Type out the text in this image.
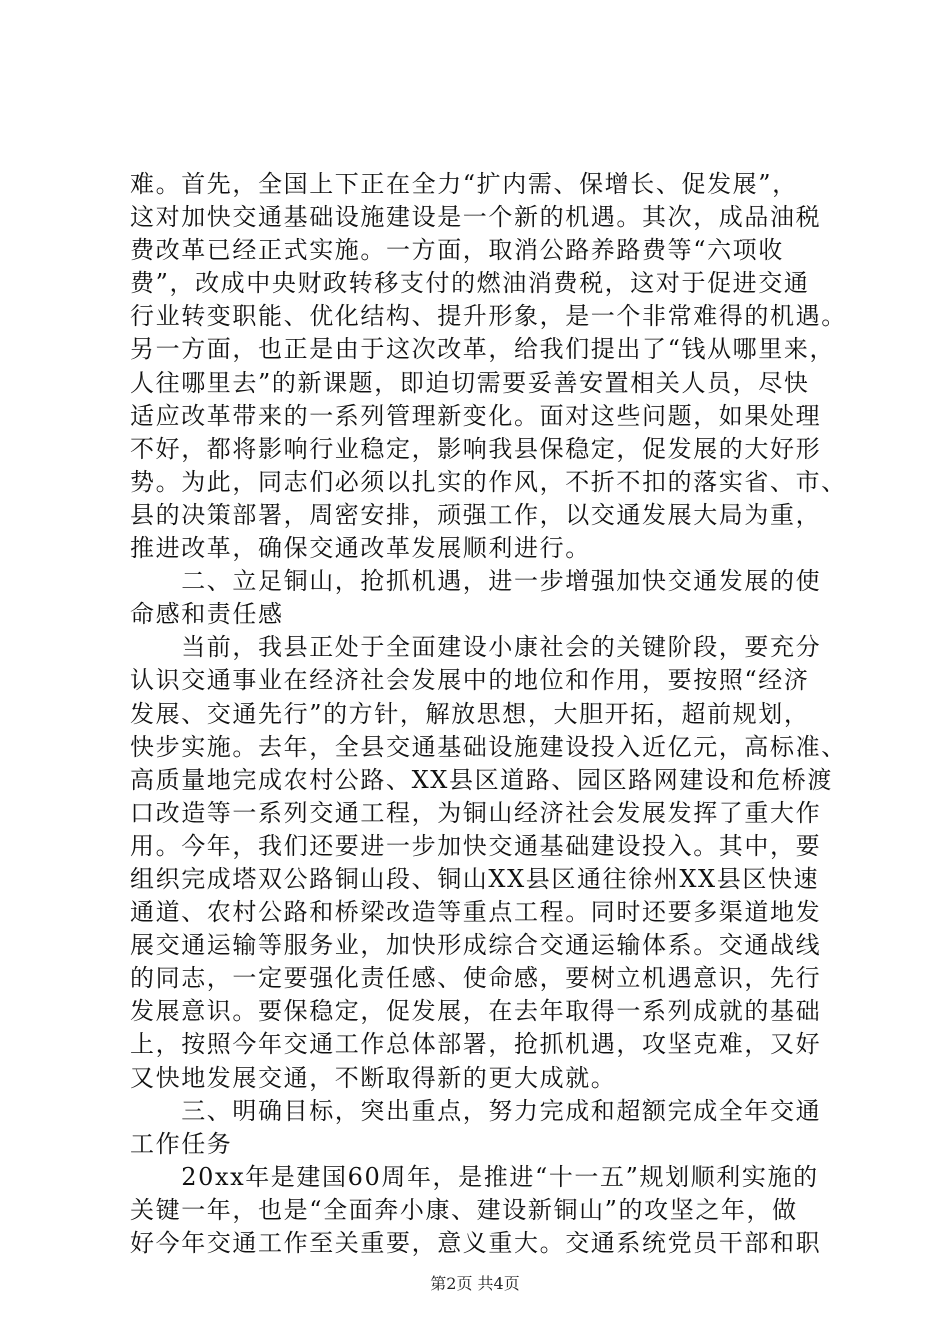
难。首先，全国上下正在全力“扩内需、保增长、促发展”，
这对加快交通基础设施建设是一个新的机遇。其次，成品油税
费改革已经正式实施。一方面，取消公路养路费等“六项收
费”，改成中央财政转移支付的燃油消费税，这对于促进交通
行业转变职能、优化结构、提升形象，是一个非常难得的机遇。
另一方面，也正是由于这次改革，给我们提出了“钱从哪里来，
人往哪里去”的新课题，即迫切需要妥善安置相关人员，尽快
适应改革带来的一系列管理新变化。面对这些问题，如果处理
不好，都将影响行业稳定，影响我县保稳定，促发展的大好形
势。为此，同志们必须以扎实的作风，不折不扣的落实省、市、
县的决策部署，周密安排，顽强工作，以交通发展大局为重，
推进改革，确保交通改革发展顺利进行。
　　二、立足铜山，抢抓机遇，进一步增强加快交通发展的使
命感和责任感
　　当前，我县正处于全面建设小康社会的关键阶段，要充分
认识交通事业在经济社会发展中的地位和作用，要按照“经济
发展、交通先行”的方针，解放思想，大胆开拓，超前规划，
快步实施。去年，全县交通基础设施建设投入近亿元，高标准、
高质量地完成农村公路、XX县区道路、园区路网建设和危桥渡
口改造等一系列交通工程，为铜山经济社会发展发挥了重大作
用。今年，我们还要进一步加快交通基础建设投入。其中，要
组织完成塔双公路铜山段、铜山XX县区通往徐州XX县区快速
通道、农村公路和桥梁改造等重点工程。同时还要多渠道地发
展交通运输等服务业，加快形成综合交通运输体系。交通战线
的同志，一定要强化责任感、使命感，要树立机遇意识，先行
发展意识。要保稳定，促发展，在去年取得一系列成就的基础
上，按照今年交通工作总体部署，抢抓机遇，攻坚克难，又好
又快地发展交通，不断取得新的更大成就。
　　三、明确目标，突出重点，努力完成和超额完成全年交通
工作任务
　　20xx年是建国60周年，是推进“十一五”规划顺利实施的
关键一年，也是“全面奔小康、建设新铜山”的攻坚之年，做
好今年交通工作至关重要，意义重大。交通系统党员干部和职
第2页 共4页
